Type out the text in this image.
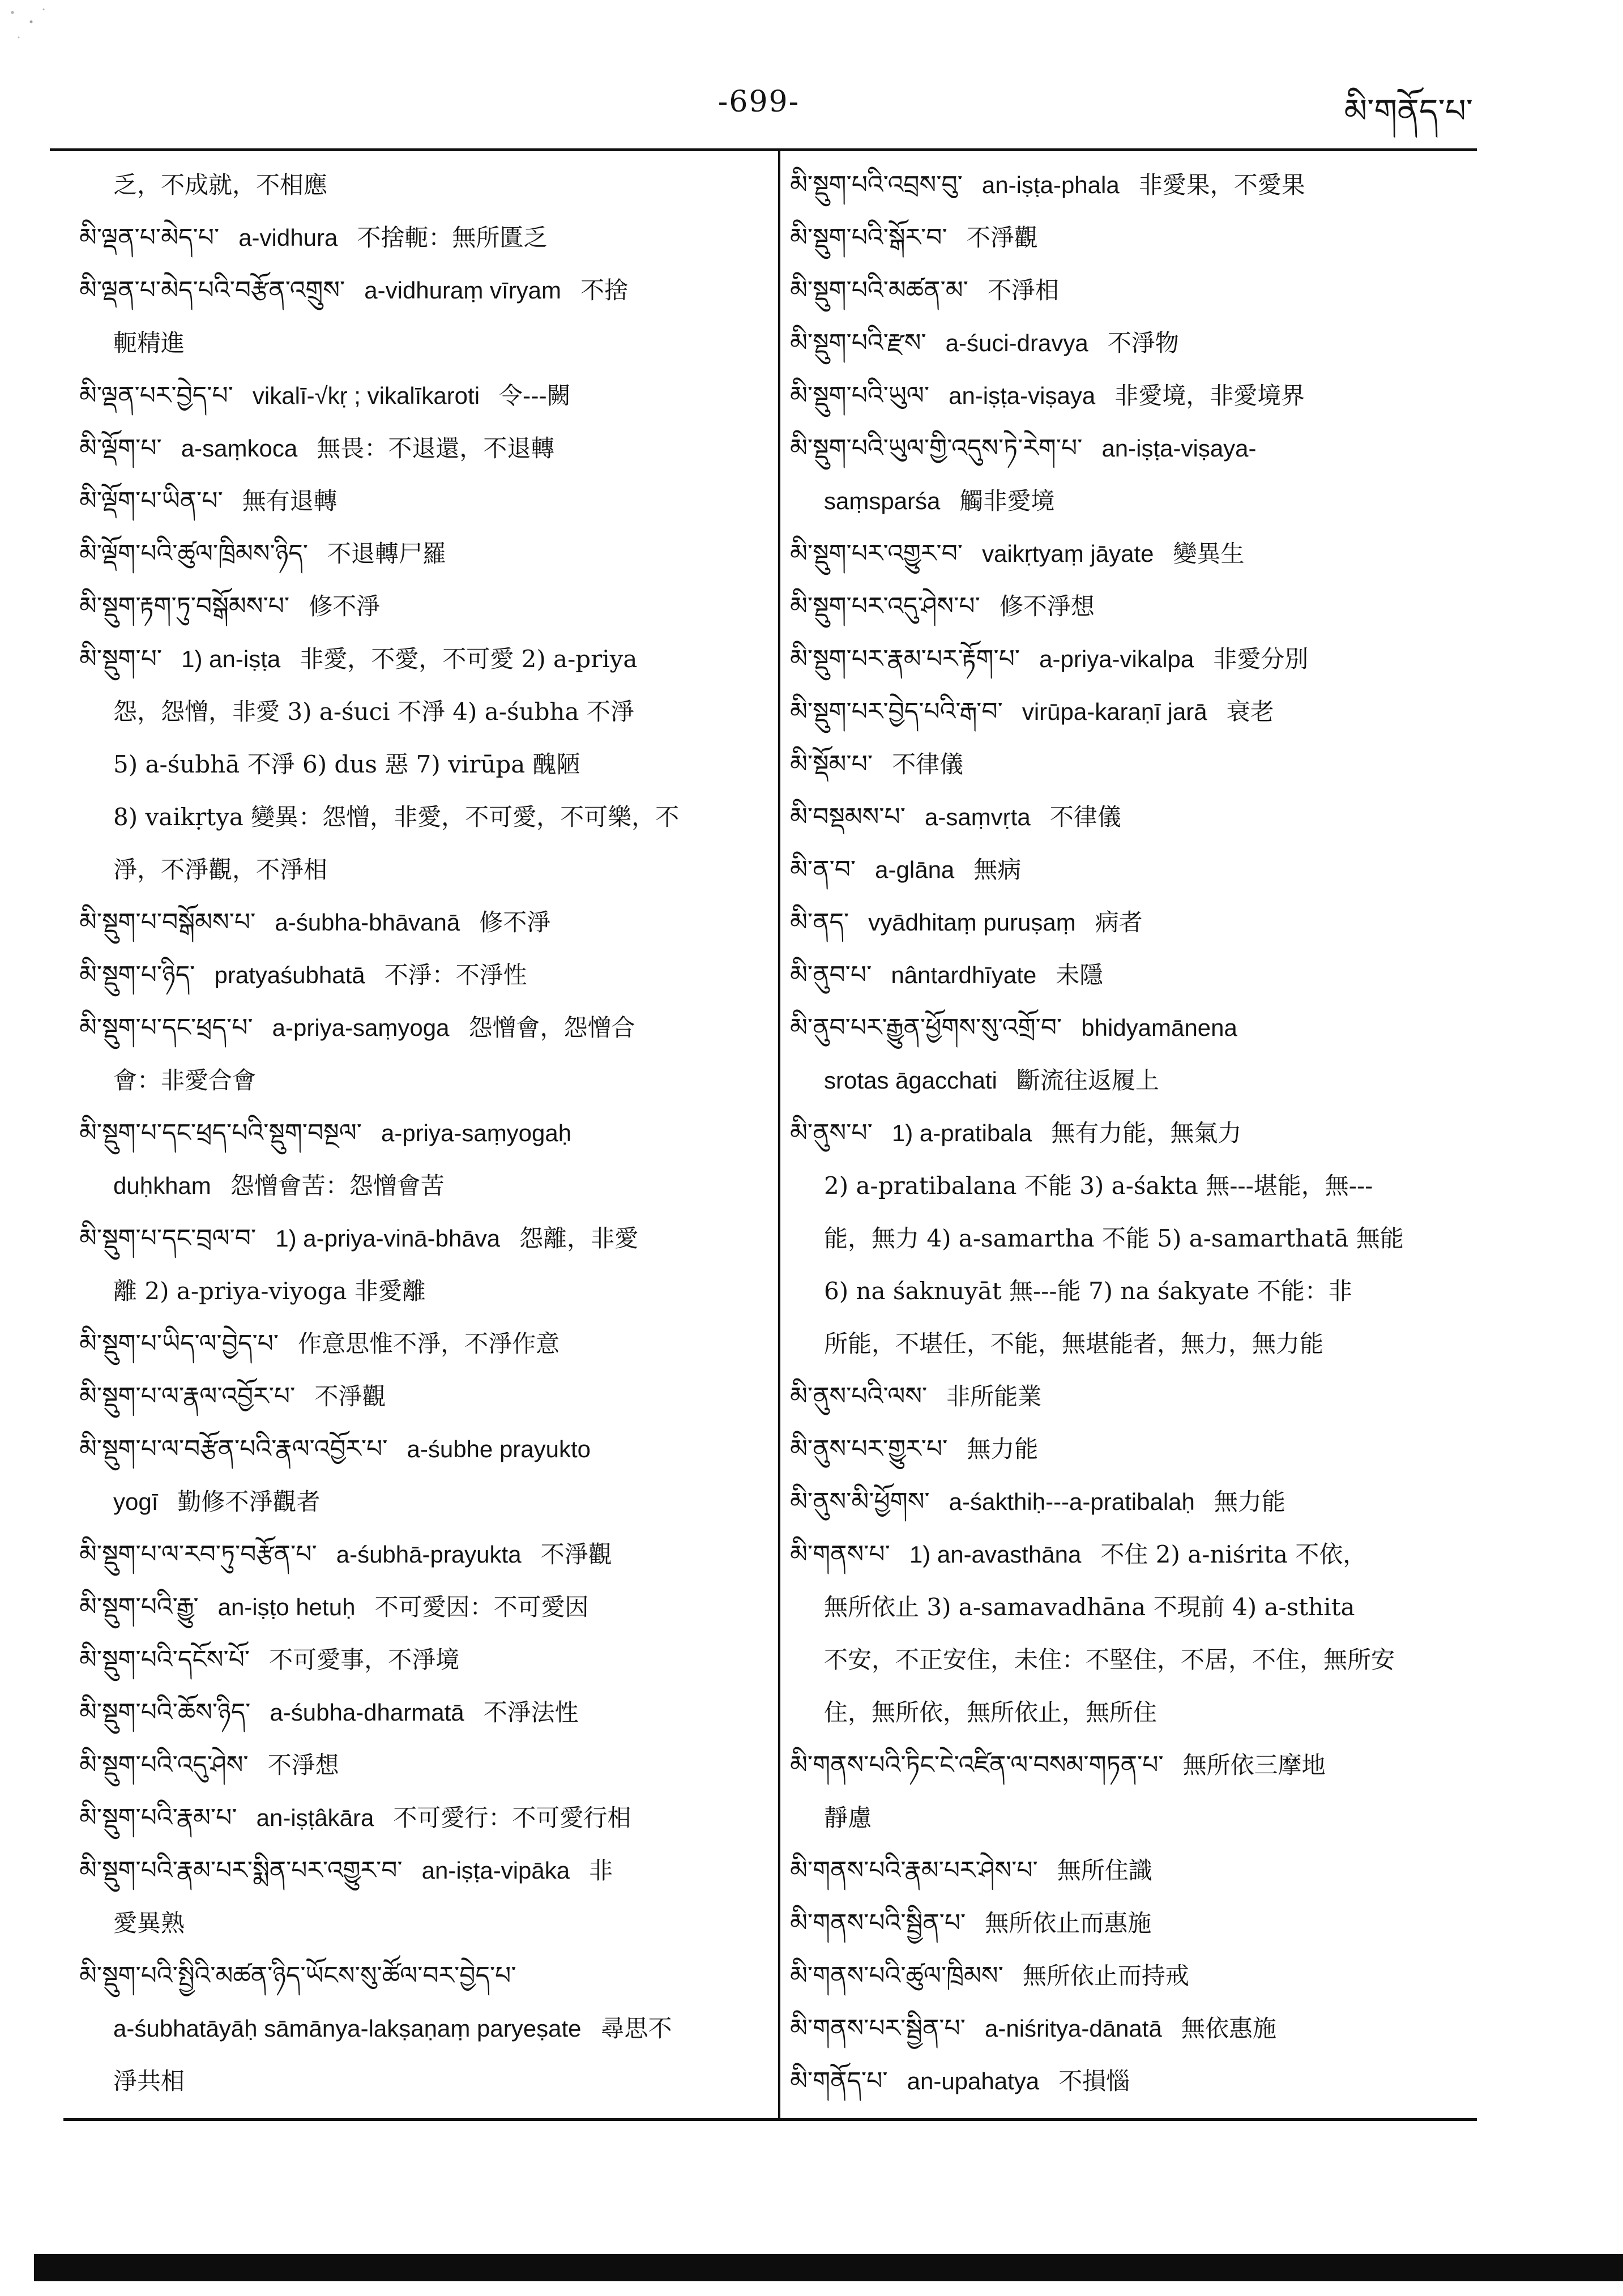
-699-	མི་གནོད་པ་
乏，不成就，不相應
མི་ལྡན་པ་མེད་པ་ a-vidhura 不捨軛：無所匱乏
མི་ལྡན་པ་མེད་པའི་བརྩོན་འགྲུས་ a-vidhuraṃ vīryam 不捨
軛精進
མི་ལྡན་པར་བྱེད་པ་ vikalī-√kṛ ; vikalīkaroti 令---闕
མི་ལྡོག་པ་ a-saṃkoca 無畏：不退還，不退轉
མི་ལྡོག་པ་ཡིན་པ་ 無有退轉
མི་ལྡོག་པའི་ཚུལ་ཁྲིམས་ཉིད་ 不退轉尸羅
མི་སྡུག་རྟག་ཏུ་བསྒོམས་པ་ 修不淨
མི་སྡུག་པ་ 1) an-iṣṭa 非愛，不愛，不可愛 2) a-priya
怨，怨憎，非愛 3) a-śuci 不淨 4) a-śubha 不淨
5) a-śubhā 不淨 6) dus 惡 7) virūpa 醜陋
8) vaikṛtya 變異：怨憎，非愛，不可愛，不可樂，不
淨，不淨觀，不淨相
མི་སྡུག་པ་བསྒོམས་པ་ a-śubha-bhāvanā 修不淨
མི་སྡུག་པ་ཉིད་ pratyaśubhatā 不淨：不淨性
མི་སྡུག་པ་དང་ཕྲད་པ་ a-priya-saṃyoga 怨憎會，怨憎合
會：非愛合會
མི་སྡུག་པ་དང་ཕྲད་པའི་སྡུག་བསྔལ་ a-priya-saṃyogaḥ
duḥkham 怨憎會苦：怨憎會苦
མི་སྡུག་པ་དང་བྲལ་བ་ 1) a-priya-vinā-bhāva 怨離，非愛
離 2) a-priya-viyoga 非愛離
མི་སྡུག་པ་ཡིད་ལ་བྱེད་པ་ 作意思惟不淨，不淨作意
མི་སྡུག་པ་ལ་རྣལ་འབྱོར་པ་ 不淨觀
མི་སྡུག་པ་ལ་བརྩོན་པའི་རྣལ་འབྱོར་པ་ a-śubhe prayukto
yogī 勤修不淨觀者
མི་སྡུག་པ་ལ་རབ་ཏུ་བརྩོན་པ་ a-śubhā-prayukta 不淨觀
མི་སྡུག་པའི་རྒྱུ་ an-iṣṭo hetuḥ 不可愛因：不可愛因
མི་སྡུག་པའི་དངོས་པོ་ 不可愛事，不淨境
མི་སྡུག་པའི་ཆོས་ཉིད་ a-śubha-dharmatā 不淨法性
མི་སྡུག་པའི་འདུ་ཤེས་ 不淨想
མི་སྡུག་པའི་རྣམ་པ་ an-iṣṭâkāra 不可愛行：不可愛行相
མི་སྡུག་པའི་རྣམ་པར་སྨིན་པར་འགྱུར་བ་ an-iṣṭa-vipāka 非
愛異熟
མི་སྡུག་པའི་སྤྱིའི་མཚན་ཉིད་ཡོངས་སུ་ཚོལ་བར་བྱེད་པ་
a-śubhatāyāḥ sāmānya-lakṣaṇaṃ paryeṣate 尋思不
淨共相
མི་སྡུག་པའི་འབྲས་བུ་ an-iṣṭa-phala 非愛果，不愛果
མི་སྡུག་པའི་སྒོར་བ་ 不淨觀
མི་སྡུག་པའི་མཚན་མ་ 不淨相
མི་སྡུག་པའི་རྫས་ a-śuci-dravya 不淨物
མི་སྡུག་པའི་ཡུལ་ an-iṣṭa-viṣaya 非愛境，非愛境界
མི་སྡུག་པའི་ཡུལ་གྱི་འདུས་ཏེ་རེག་པ་ an-iṣṭa-viṣaya-
saṃsparśa 觸非愛境
མི་སྡུག་པར་འགྱུར་བ་ vaikṛtyaṃ jāyate 變異生
མི་སྡུག་པར་འདུ་ཤེས་པ་ 修不淨想
མི་སྡུག་པར་རྣམ་པར་རྟོག་པ་ a-priya-vikalpa 非愛分別
མི་སྡུག་པར་བྱེད་པའི་རྒ་བ་ virūpa-karaṇī jarā 衰老
མི་སྡོམ་པ་ 不律儀
མི་བསྡམས་པ་ a-saṃvṛta 不律儀
མི་ན་བ་ a-glāna 無病
མི་ནད་ vyādhitaṃ puruṣaṃ 病者
མི་ནུབ་པ་ nântardhīyate 未隱
མི་ནུབ་པར་རྒྱུན་ཕྱོགས་སུ་འགྲོ་བ་ bhidyamānena
srotas āgacchati 斷流往返履上
མི་ནུས་པ་ 1) a-pratibala 無有力能，無氣力
2) a-pratibalana 不能 3) a-śakta 無---堪能，無---
能，無力 4) a-samartha 不能 5) a-samarthatā 無能
6) na śaknuyāt 無---能 7) na śakyate 不能：非
所能，不堪任，不能，無堪能者，無力，無力能
མི་ནུས་པའི་ལས་ 非所能業
མི་ནུས་པར་གྱུར་པ་ 無力能
མི་ནུས་མི་ཕྱོགས་ a-śakthiḥ---a-pratibalaḥ 無力能
མི་གནས་པ་ 1) an-avasthāna 不住 2) a-niśrita 不依，
無所依止 3) a-samavadhāna 不現前 4) a-sthita
不安，不正安住，未住：不堅住，不居，不住，無所安
住，無所依，無所依止，無所住
མི་གནས་པའི་ཏིང་ངེ་འཛིན་ལ་བསམ་གཏན་པ་ 無所依三摩地
靜慮
མི་གནས་པའི་རྣམ་པར་ཤེས་པ་ 無所住識
མི་གནས་པའི་སྦྱིན་པ་ 無所依止而惠施
མི་གནས་པའི་ཚུལ་ཁྲིམས་ 無所依止而持戒
མི་གནས་པར་སྦྱིན་པ་ a-niśritya-dānatā 無依惠施
མི་གནོད་པ་ an-upahatya 不損惱
